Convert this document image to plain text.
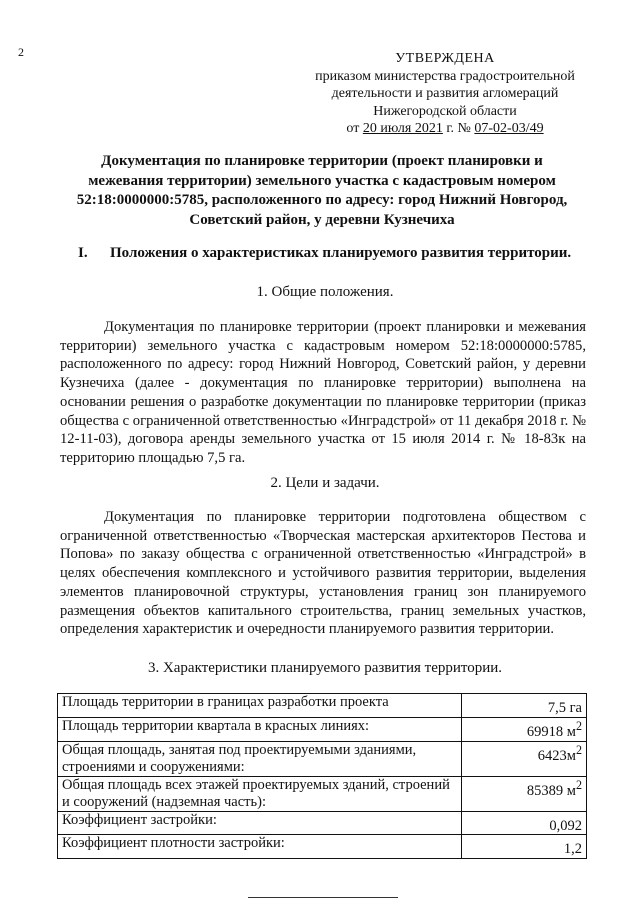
2	УТВЕРЖДЕНА
приказом министерства градостроительной
деятельности и развития агломераций
Нижегородской области
от 20 июля 2021 г. № 07-02-03/49
Документация по планировке территории (проект планировки и
межевания территории) земельного участка с кадастровым номером
52:18:0000000:5785, расположенного по адресу: город Нижний Новгород,
Советский район, у деревни Кузнечиха
I. Положения о характеристиках планируемого развития территории.
1. Общие положения.
Документация по планировке территории (проект планировки и межевания территории) земельного участка с кадастровым номером 52:18:0000000:5785, расположенного по адресу: город Нижний Новгород, Советский район, у деревни Кузнечиха (далее - документация по планировке территории) выполнена на основании решения о разработке документации по планировке территории (приказ общества с ограниченной ответственностью «Инградстрой» от 11 декабря 2018 г. № 12-11-03), договора аренды земельного участка от 15 июля 2014 г. № 18-83к на территорию площадью 7,5 га.
2. Цели и задачи.
Документация по планировке территории подготовлена обществом с ограниченной ответственностью «Творческая мастерская архитекторов Пестова и Попова» по заказу общества с ограниченной ответственностью «Инградстрой» в целях обеспечения комплексного и устойчивого развития территории, выделения элементов планировочной структуры, установления границ зон планируемого размещения объектов капитального строительства, границ земельных участков, определения характеристик и очередности планируемого развития территории.
3. Характеристики планируемого развития территории.
Площадь территории в границах разработки проекта	7,5 га
Площадь территории квартала в красных линиях:	69918 $м^2$
Общая площадь, занятая под проектируемыми зданиями, строениями и сооружениями:	$6423м^2$
Общая площадь всех этажей проектируемых зданий, строений и сооружений (надземная часть):	85389 $м^2$
Коэффициент застройки:	0,092
Коэффициент плотности застройки:	1,2
